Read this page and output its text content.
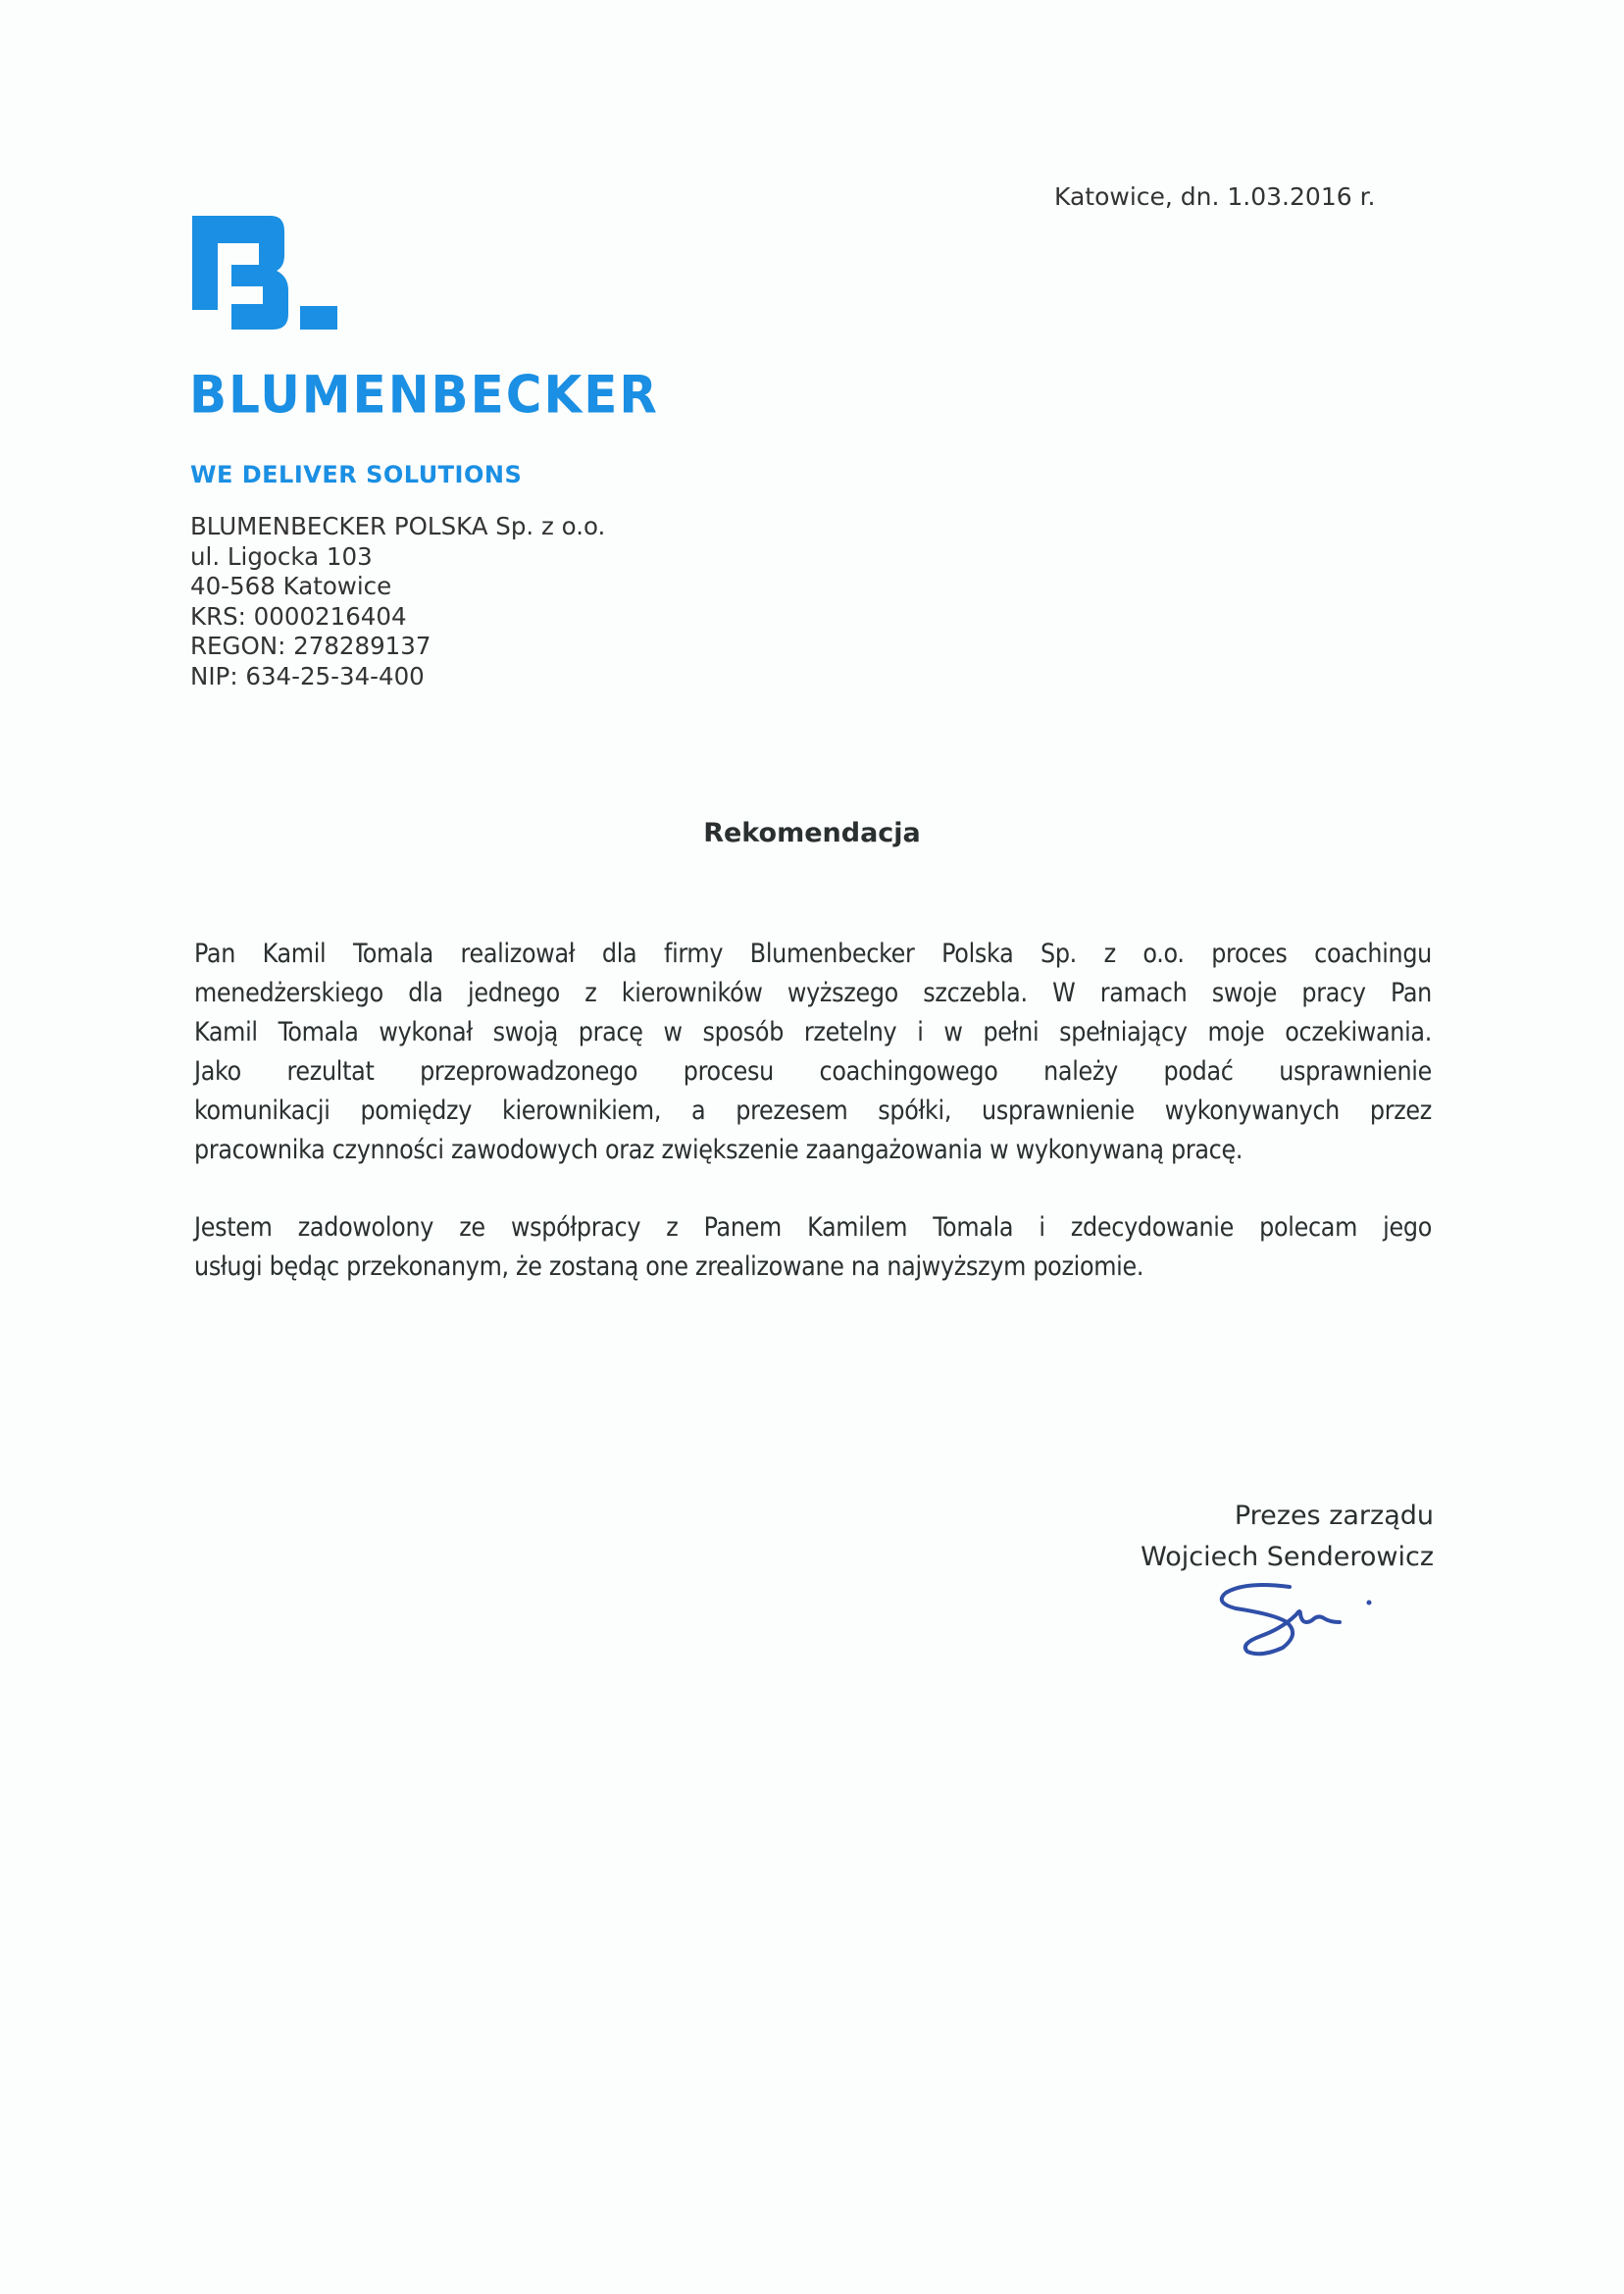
Katowice, dn. 1.03.2016 r.
BLUMENBECKER
WE DELIVER SOLUTIONS
BLUMENBECKER POLSKA Sp. z o.o.
ul. Ligocka 103
40-568 Katowice
KRS: 0000216404
REGON: 278289137
NIP: 634-25-34-400
Rekomendacja
Pan Kamil Tomala realizował dla firmy Blumenbecker Polska Sp. z o.o. proces coachingu
menedżerskiego dla jednego z kierowników wyższego szczebla. W ramach swoje pracy Pan
Kamil Tomala wykonał swoją pracę w sposób rzetelny i w pełni spełniający moje oczekiwania.
Jako rezultat przeprowadzonego procesu coachingowego należy podać usprawnienie
komunikacji pomiędzy kierownikiem, a prezesem spółki, usprawnienie wykonywanych przez
pracownika czynności zawodowych oraz zwiększenie zaangażowania w wykonywaną pracę.
Jestem zadowolony ze współpracy z Panem Kamilem Tomala i zdecydowanie polecam jego
usługi będąc przekonanym, że zostaną one zrealizowane na najwyższym poziomie.
Prezes zarządu
Wojciech Senderowicz
